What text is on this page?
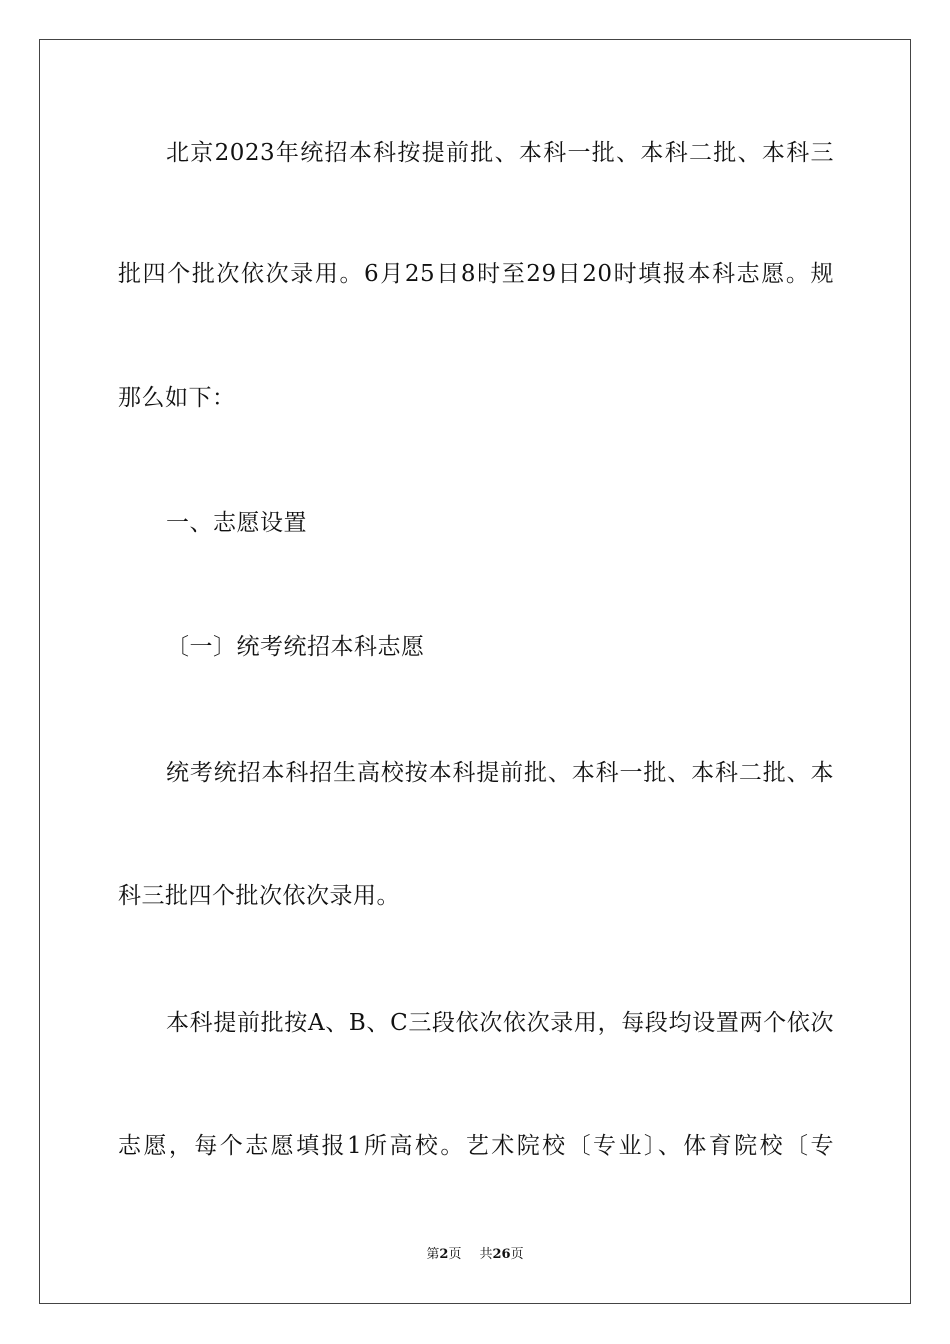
北京2023年统招本科按提前批、本科一批、本科二批、本科三
批四个批次依次录用。6月25日8时至29日20时填报本科志愿。规
那么如下：
一、志愿设置
〔一〕统考统招本科志愿
统考统招本科招生高校按本科提前批、本科一批、本科二批、本
科三批四个批次依次录用。
本科提前批按A、B、C三段依次依次录用，每段均设置两个依次
志愿，每个志愿填报1所高校。艺术院校〔专业〕、体育院校〔专
第2页 共26页
